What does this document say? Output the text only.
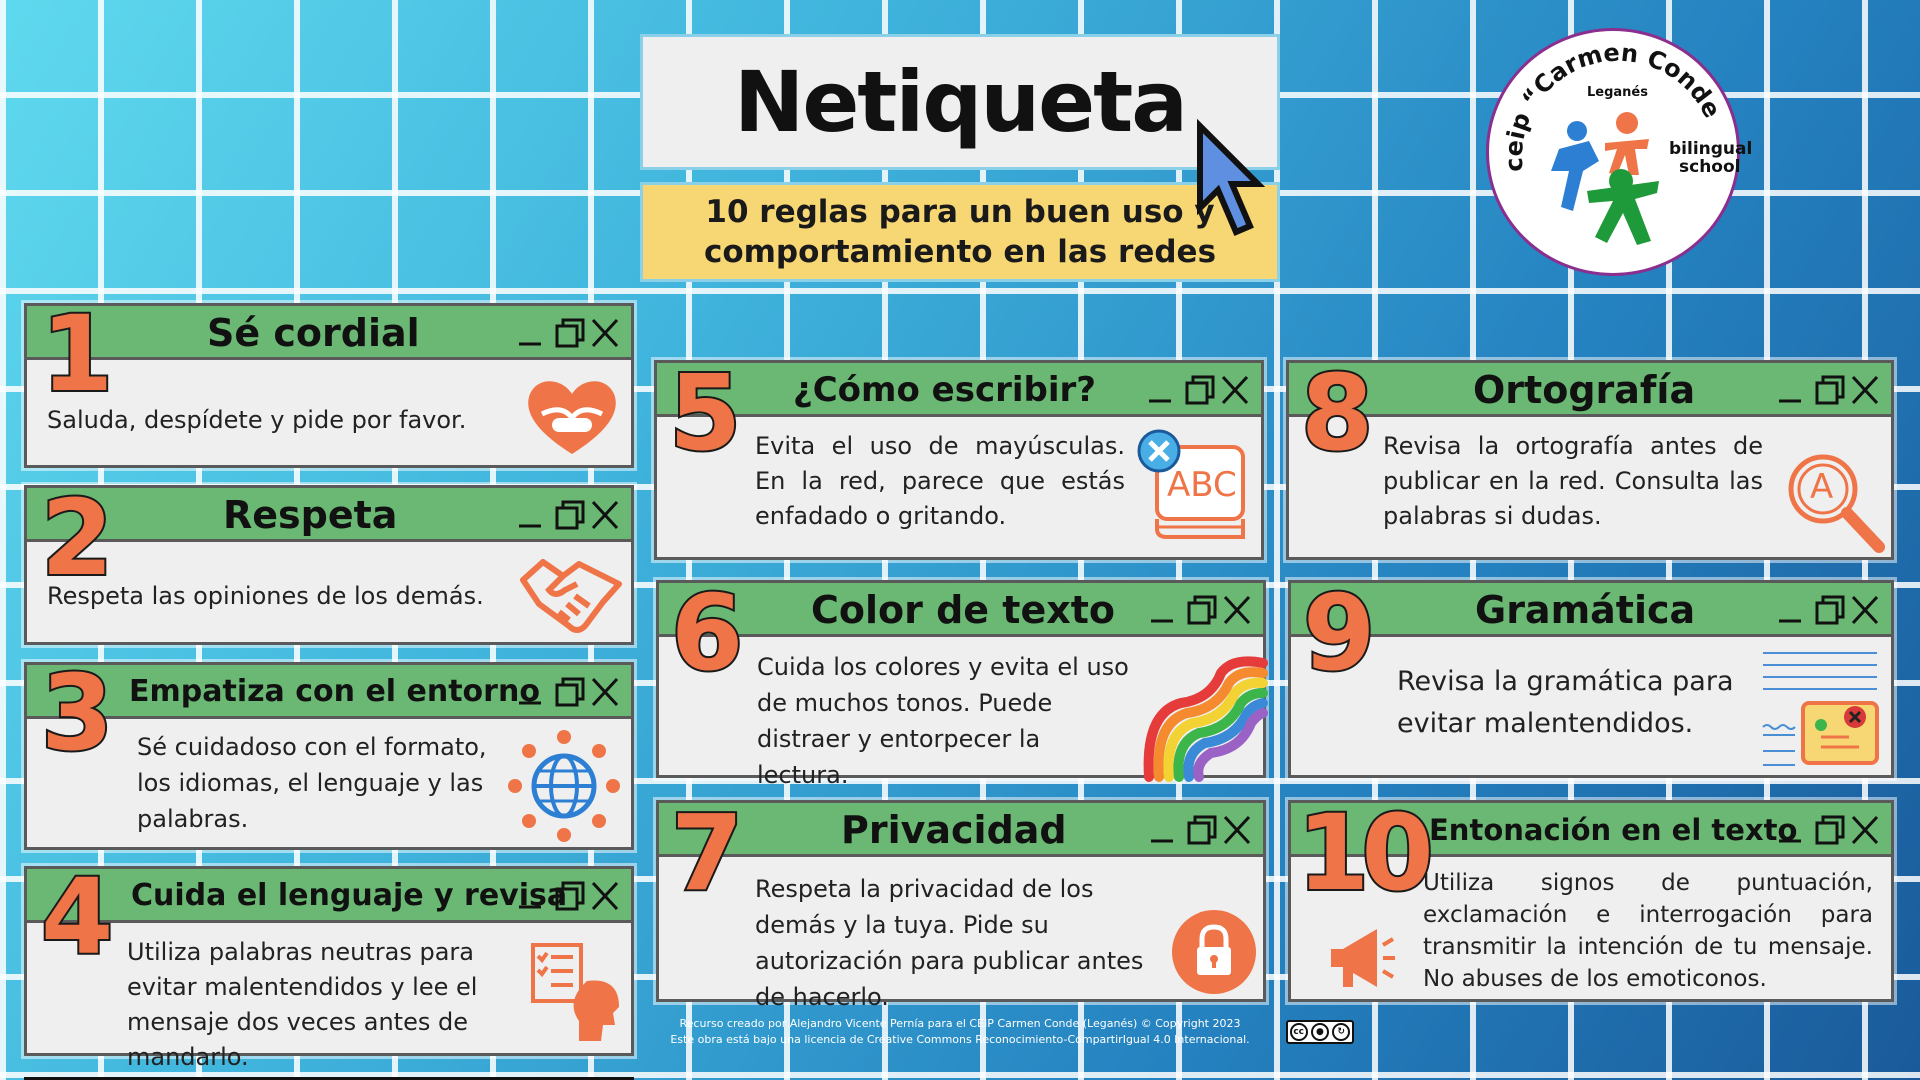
Netiqueta

10 reglas para un buen uso y
comportamiento en las redes

ceip “Carmen Conde
Leganés
bilingual
school
Sé cordial
Saluda, despídete y pide por favor.
1
Respeta
Respeta las opiniones de los demás.
2
Empatiza con el entorno
Sé cuidadoso con el formato, los idiomas, el lenguaje y las palabras.
3
Cuida el lenguaje y revisa
Utiliza palabras neutras para evitar malentendidos y lee el mensaje dos veces antes de mandarlo.
4
¿Cómo escribir?
Evita el uso de mayúsculas. En la red, parece que estás enfadado o gritando.
ABC
5
Color de texto
Cuida los colores y evita el uso de muchos tonos. Puede distraer y entorpecer la lectura.
6
Privacidad
Respeta la privacidad de los demás y la tuya. Pide su autorización para publicar antes de hacerlo.
7
Ortografía
Revisa la ortografía antes de publicar en la red. Consulta las palabras si dudas.
A
8
Gramática
Revisa la gramática para evitar malentendidos.
9
Entonación en el texto
Utiliza signos de puntuación, exclamación e interrogación para transmitir la intención de tu mensaje. No abuses de los emoticonos.
10
Recurso creado por Alejandro Vicente Pernía para el CEIP Carmen Conde (Leganés) © Copyright 2023
Este obra está bajo una licencia de Creative Commons Reconocimiento-CompartirIgual 4.0 Internacional.
cc	●	↻
